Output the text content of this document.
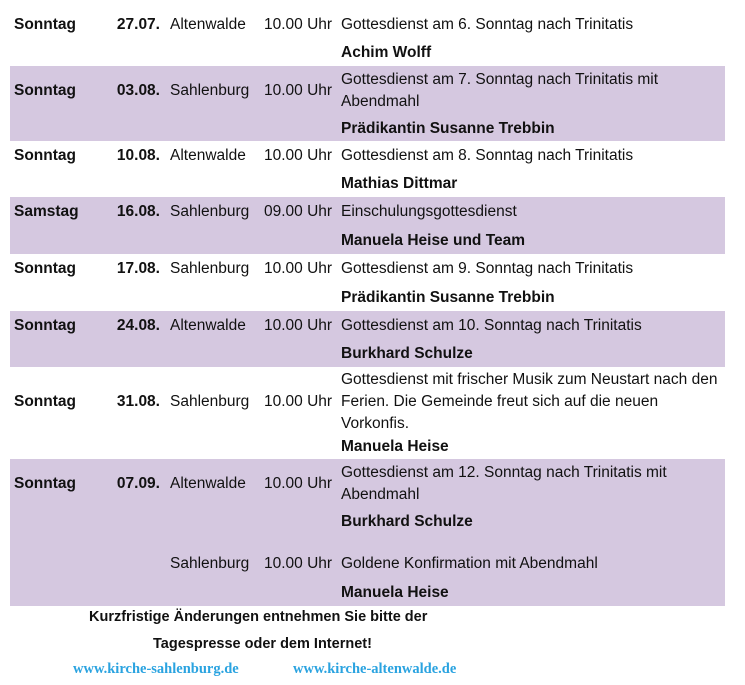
Sonntag	27.07. Altenwalde 10.00 Uhr Gottesdienst am 6. Sonntag nach Trinitatis
Achim Wolff
Sonntag	03.08. Sahlenburg 10.00 Uhr
Gottesdienst am 7. Sonntag nach Trinitatis mit Abendmahl
Prädikantin Susanne Trebbin
Sonntag	10.08. Altenwalde 10.00 Uhr Gottesdienst am 8. Sonntag nach Trinitatis
Mathias Dittmar
Samstag	16.08. Sahlenburg 09.00 Uhr Einschulungsgottesdienst
Manuela Heise und Team
Sonntag	17.08. Sahlenburg 10.00 Uhr Gottesdienst am 9. Sonntag nach Trinitatis
Prädikantin Susanne Trebbin
Sonntag	24.08. Altenwalde 10.00 Uhr Gottesdienst am 10. Sonntag nach Trinitatis
Burkhard Schulze
Sonntag	31.08. Sahlenburg 10.00 Uhr
Gottesdienst mit frischer Musik zum Neustart nach den Ferien. Die Gemeinde freut sich auf die neuen Vorkonfis.
Manuela Heise
Sonntag	07.09. Altenwalde 10.00 Uhr
Gottesdienst am 12. Sonntag nach Trinitatis mit Abendmahl
Burkhard Schulze
Sahlenburg 10.00 Uhr Goldene Konfirmation mit Abendmahl
Manuela Heise
Kurzfristige Änderungen entnehmen Sie bitte der
Tagespresse oder dem Internet!
www.kirche-sahlenburg.de	www.kirche-altenwalde.de
